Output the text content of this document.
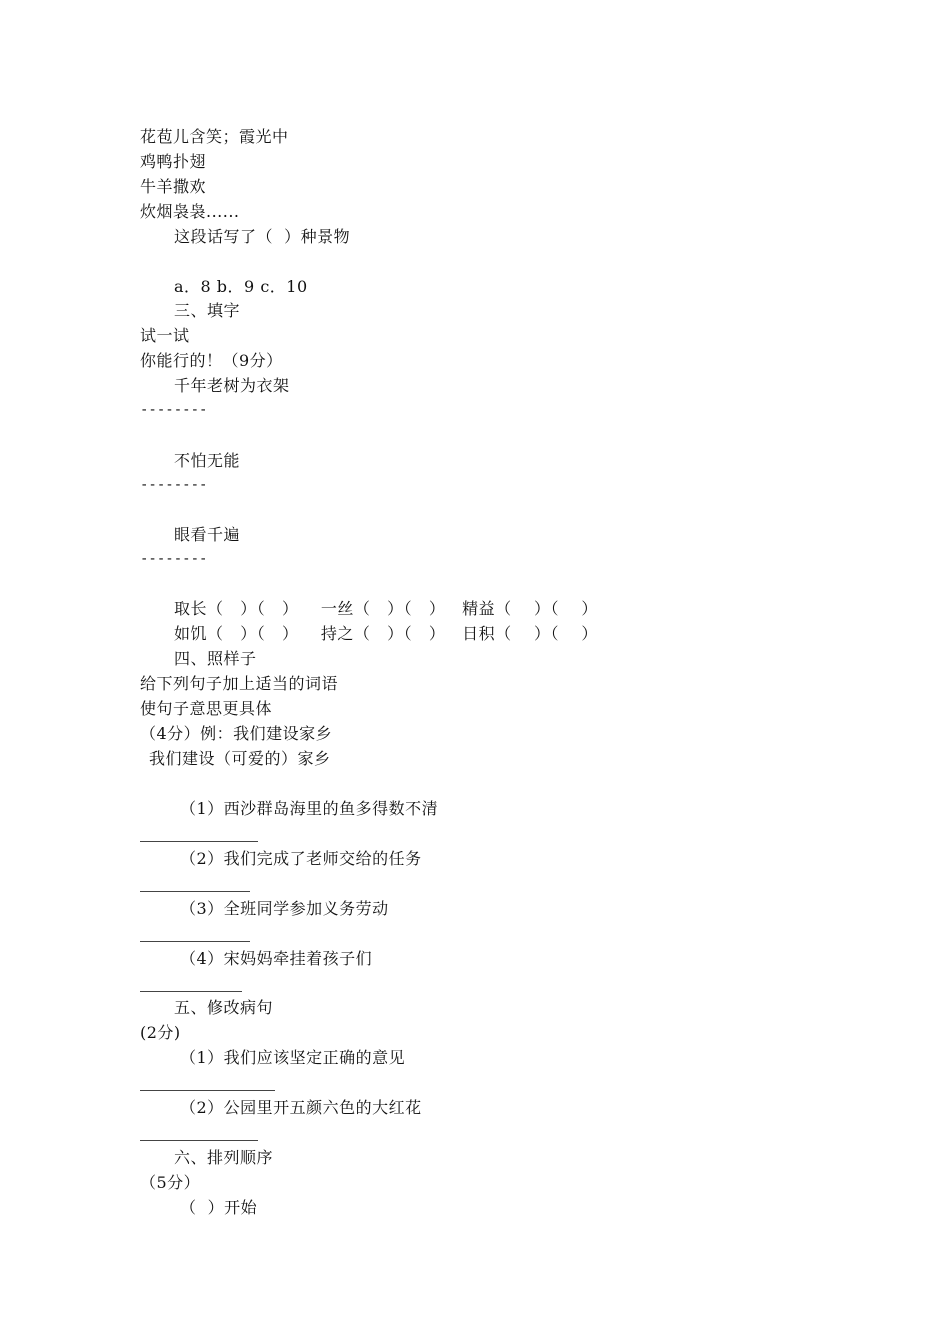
花苞儿含笑；霞光中
鸡鸭扑翅
牛羊撒欢
炊烟袅袅......
这段话写了（  ）种景物
a．8 b．9 c．10
三、填字
试一试
你能行的！（9分）
千年老树为衣架
--------
不怕无能
--------
眼看千遍
--------
取长（   ）（   ）    一丝（   ）（   ）   精益（    ）（    ）
如饥（   ）（   ）    持之（   ）（   ）   日积（    ）（    ）
四、照样子
给下列句子加上适当的词语
使句子意思更具体
（4分）例：我们建设家乡
我们建设（可爱的）家乡
（1）西沙群岛海里的鱼多得数不清
（2）我们完成了老师交给的任务
（3）全班同学参加义务劳动
（4）宋妈妈牵挂着孩子们
五、修改病句
(2分)
（1）我们应该坚定正确的意见
（2）公园里开五颜六色的大红花
六、排列顺序
（5分）
（  ）开始
